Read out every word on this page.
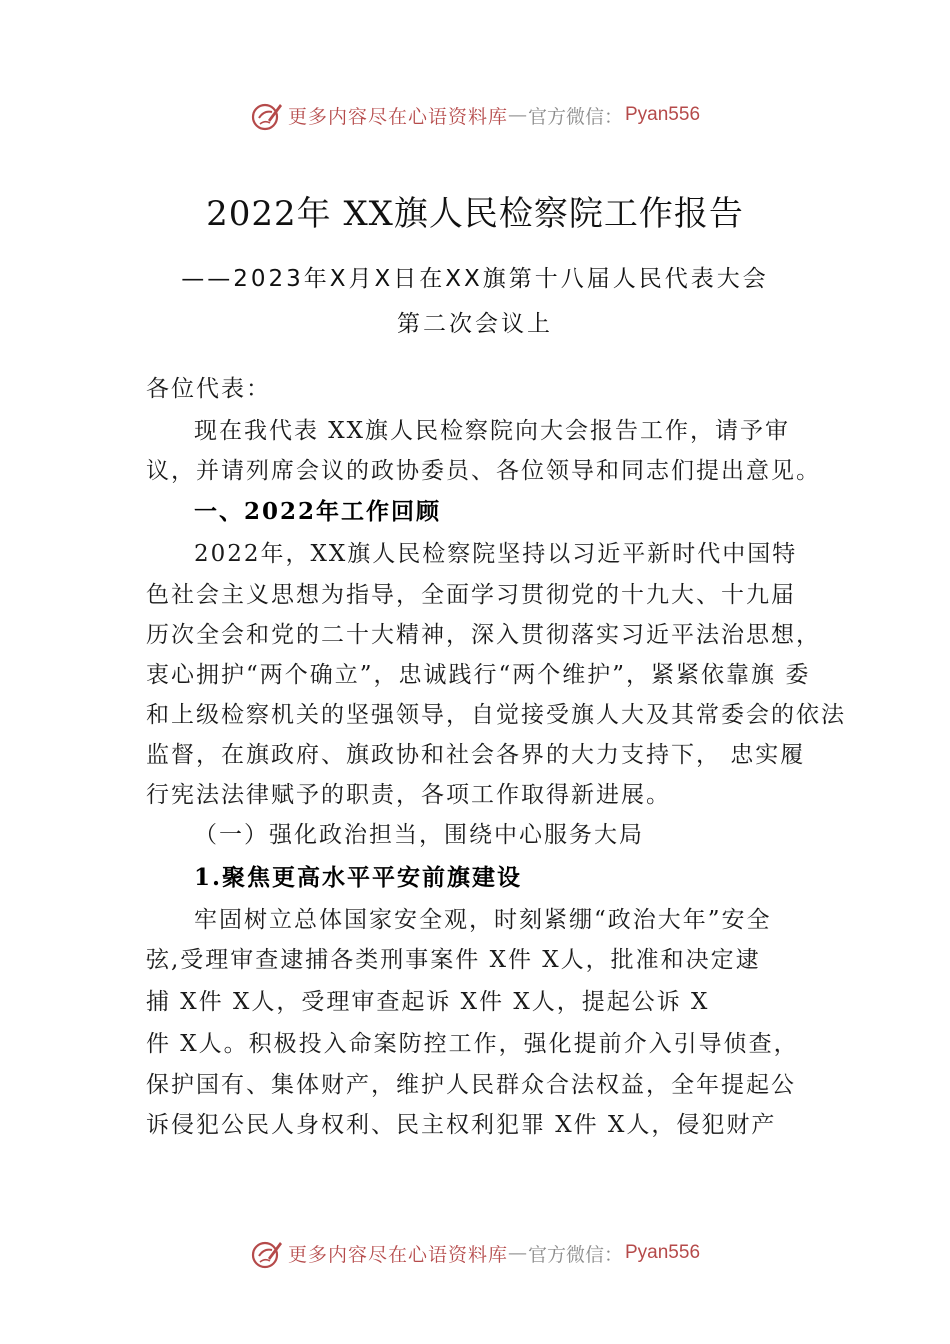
更多内容尽在心语资料库 — 官方微信： Pyan556
2022年 XX旗人民检察院工作报告
——2023年X月X日在XX旗第十八届人民代表大会
第二次会议上
各位代表：
现在我代表 XX旗人民检察院向大会报告工作，请予审
议，并请列席会议的政协委员、各位领导和同志们提出意见。
一、2022年工作回顾
2022年，XX旗人民检察院坚持以习近平新时代中国特
色社会主义思想为指导，全面学习贯彻党的十九大、十九届
历次全会和党的二十大精神，深入贯彻落实习近平法治思想，
衷心拥护“两个确立”，忠诚践行“两个维护”，紧紧依靠旗 委
和上级检察机关的坚强领导，自觉接受旗人大及其常委会的依法
监督，在旗政府、旗政协和社会各界的大力支持下， 忠实履
行宪法法律赋予的职责，各项工作取得新进展。
（一）强化政治担当，围绕中心服务大局
1.聚焦更高水平平安前旗建设
牢固树立总体国家安全观，时刻紧绷“政治大年”安全
弦,受理审查逮捕各类刑事案件 X件 X人，批准和决定逮
捕 X件 X人，受理审查起诉 X件 X人，提起公诉 X
件 X人。积极投入命案防控工作，强化提前介入引导侦查，
保护国有、集体财产，维护人民群众合法权益，全年提起公
诉侵犯公民人身权利、民主权利犯罪 X件 X人，侵犯财产
更多内容尽在心语资料库 — 官方微信： Pyan556
